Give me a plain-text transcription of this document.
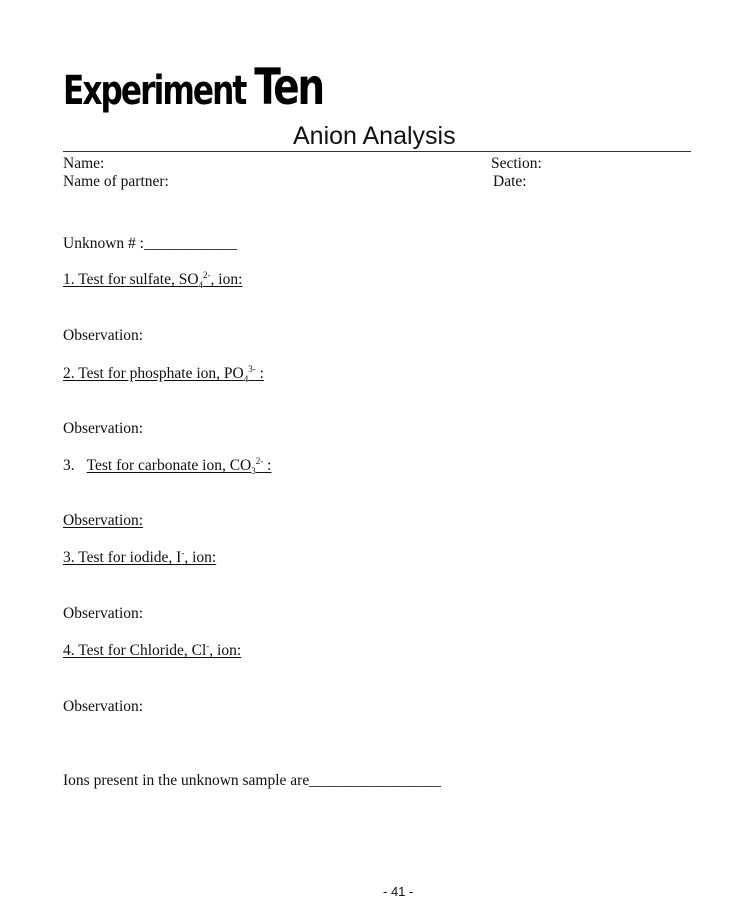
Experiment Ten
Anion Analysis
Name:
Name of partner:
Section:
Date:
Unknown # :____________
1. Test for sulfate, $SO_4^{2-}$, ion:
Observation:
2. Test for phosphate ion, $PO_4^{3-}$ :
Observation:
3. Test for carbonate ion, $CO_3^{2-}$ :
Observation:
3. Test for iodide, I-, ion:
Observation:
4. Test for Chloride, Cl-, ion:
Observation:
Ions present in the unknown sample are_________________
- 41 -
